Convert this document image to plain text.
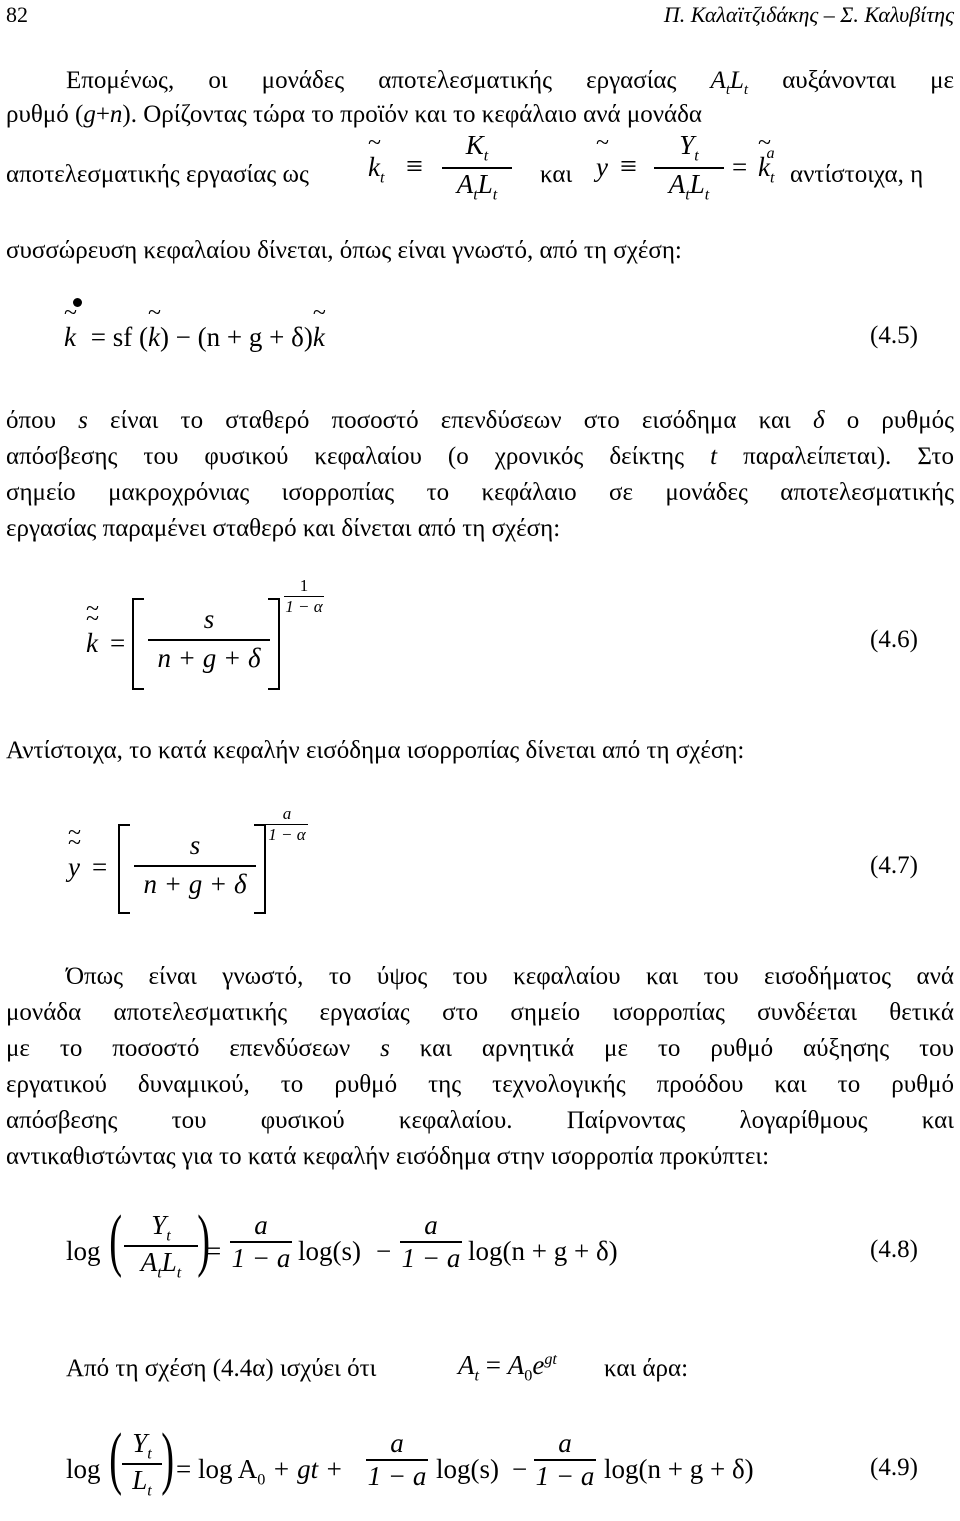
82	Π. Καλαϊτζιδάκης – Σ. Καλυβίτης
Επομένως, οι μονάδες αποτελεσματικής εργασίας $A_tL_t$ αυξάνονται με
ρυθμό (g+n). Ορίζοντας τώρα το προϊόν και το κεφάλαιο ανά μονάδα
αποτελεσματικής εργασίας ως ~ $k_t$ ≡
$K_t$
$A_tL_t$
και ~ y ≡
$Y_t$
$A_tL_t$
= ~ $k_t^a$
αντίστοιχα, η
συσσώρευση κεφαλαίου δίνεται, όπως είναι γνωστό, από τη σχέση:
~ k = sf (~ k) − (n + g + δ)~ k	(4.5)
όπου s είναι το σταθερό ποσοστό επενδύσεων στο εισόδημα και δ ο ρυθμός
απόσβεσης του φυσικού κεφαλαίου (ο χρονικός δείκτης t παραλείπεται). Στο
σημείο μακροχρόνιας ισορροπίας το κεφάλαιο σε μονάδες αποτελεσματικής
εργασίας παραμένει σταθερό και δίνεται από τη σχέση:
~ k ~ =
s
n + g + δ
1
1 − α
(4.6)
Αντίστοιχα, το κατά κεφαλήν εισόδημα ισορροπίας δίνεται από τη σχέση:
~ y ~ =
s
n + g + δ
a
1 − α
(4.7)
Όπως είναι γνωστό, το ύψος του κεφαλαίου και του εισοδήματος ανά
μονάδα αποτελεσματικής εργασίας στο σημείο ισορροπίας συνδέεται θετικά
με το ποσοστό επενδύσεων s και αρνητικά με το ρυθμό αύξησης του
εργατικού δυναμικού, το ρυθμό της τεχνολογικής προόδου και το ρυθμό
απόσβεσης του φυσικού κεφαλαίου. Παίρνοντας λογαρίθμους και
αντικαθιστώντας για το κατά κεφαλήν εισόδημα στην ισορροπία προκύπτει:
log (	$Y_t$
$A_tL_t$ )
=
a
1 − a log(s) −
a
1 − a log(n + g + δ)	(4.8)
Από τη σχέση (4.4α) ισχύει ότι	$A_t = A_0e^{gt}$ και άρα:
log ( $Y_t$
$L_t$ ) = $\log A_0$ + gt +
a
1 − a log(s) −
a
1 − a log(n + g + δ)	(4.9)
